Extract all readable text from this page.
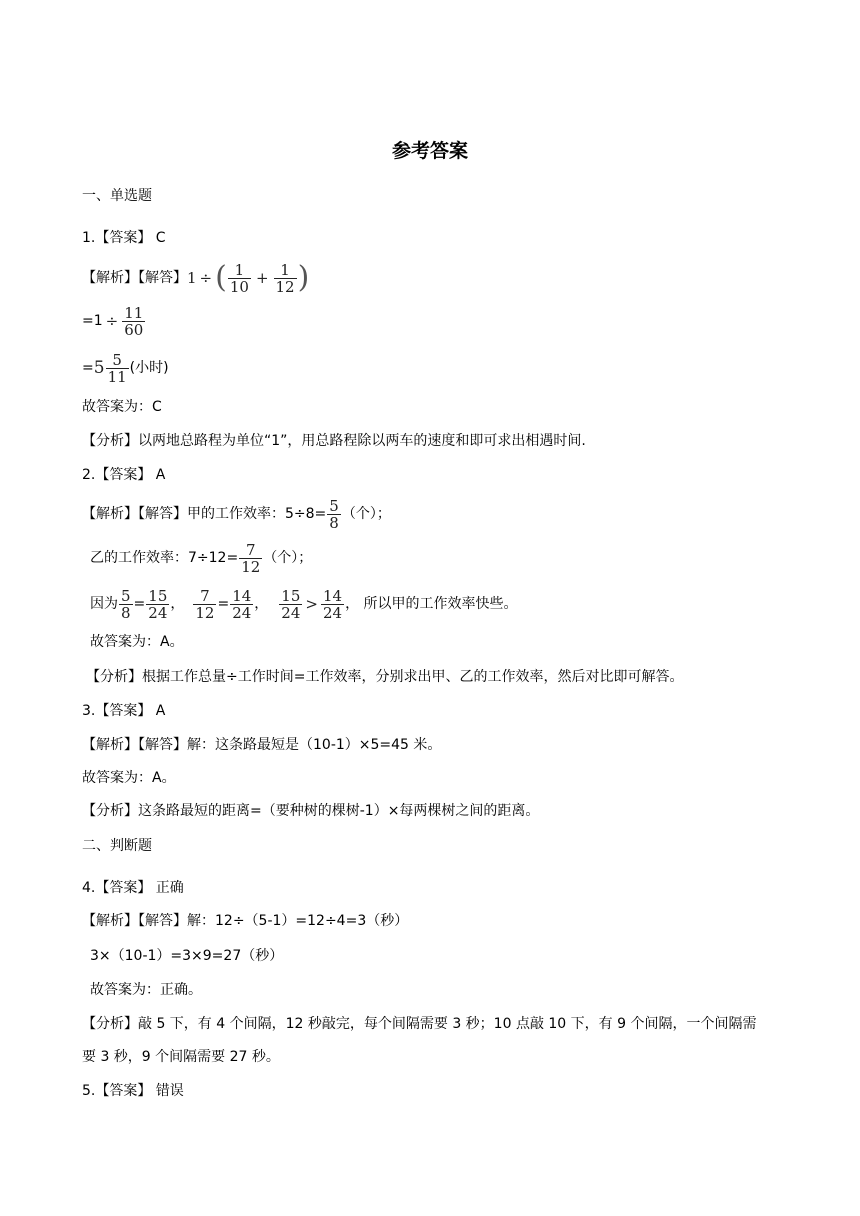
参考答案
一、单选题
1.【答案】 C
【解析】【解答】 1 ÷ ( $\frac{1}{10} + \frac{1}{12}$ )
$=1 \div \frac{11}{60}$
= $5 \frac{5}{11}$ (小时)
故答案为：C
【分析】以两地总路程为单位“1”，用总路程除以两车的速度和即可求出相遇时间.
2.【答案】 A
【解析】【解答】甲的工作效率：$5\div 8= \frac{5}{8}$ （个）；
乙的工作效率：$7\div 12= \frac{7}{12}$ （个）；
因为 $\frac{5}{8} = \frac{15}{24}$ ， $\frac{7}{12} = \frac{14}{24}$ ， $\frac{15}{24} > \frac{14}{24}$ ， 所以甲的工作效率快些。
故答案为：A。
【分析】根据工作总量÷工作时间=工作效率，分别求出甲、乙的工作效率，然后对比即可解答。
3.【答案】 A
【解析】【解答】解：这条路最短是（10-1）×5=45 米。
故答案为：A。
【分析】这条路最短的距离=（要种树的棵树-1）×每两棵树之间的距离。
二、判断题
4.【答案】 正确
【解析】【解答】解：12÷（5-1）=12÷4=3（秒）
3×（10-1）=3×9=27（秒）
故答案为：正确。
【分析】敲 5 下，有 4 个间隔，12 秒敲完，每个间隔需要 3 秒；10 点敲 10 下，有 9 个间隔，一个间隔需
要 3 秒，9 个间隔需要 27 秒。
5.【答案】 错误
